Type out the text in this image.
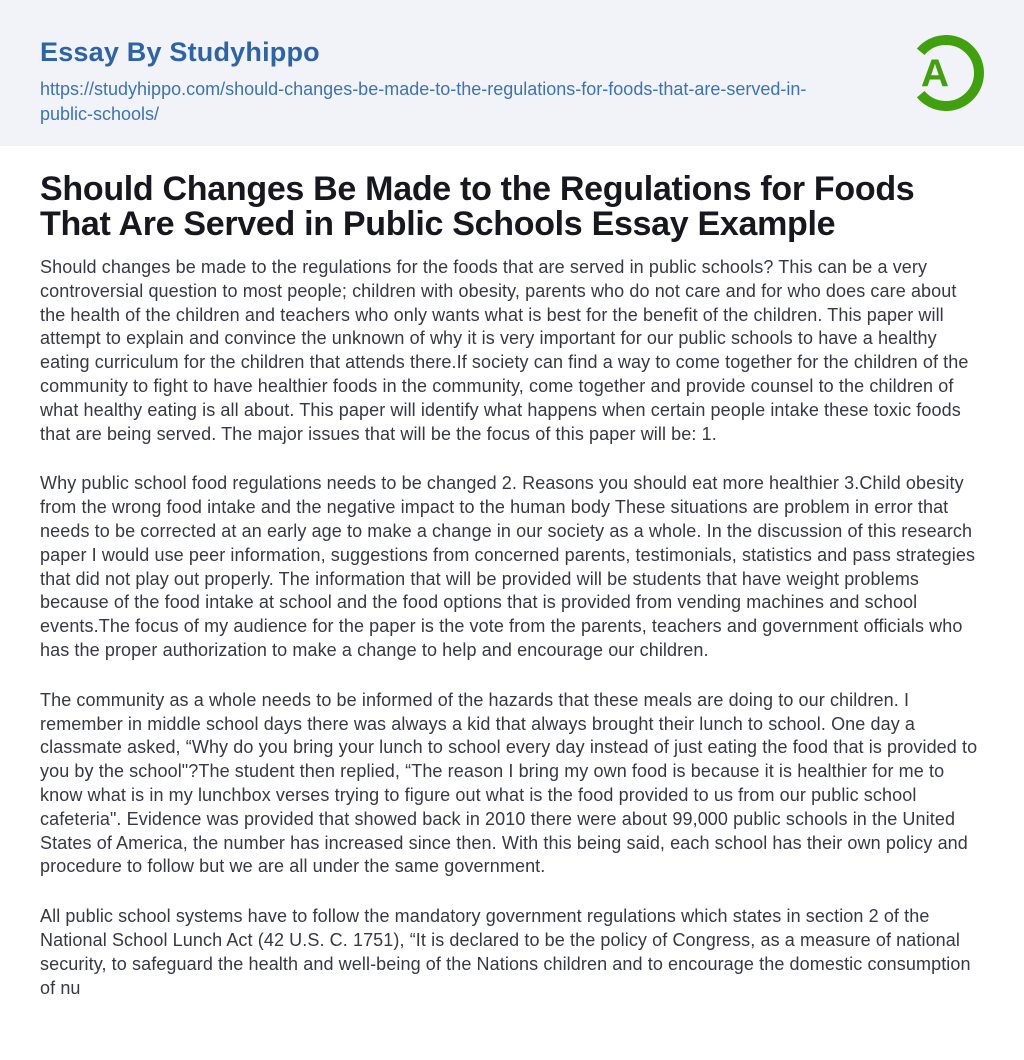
Essay By Studyhippo
https://studyhippo.com/should-changes-be-made-to-the-regulations-for-foods-that-are-served-in-public-schools/
A
Should Changes Be Made to the Regulations for Foods That Are Served in Public Schools Essay Example

Should changes be made to the regulations for the foods that are served in public schools? This can be a very controversial question to most people; children with obesity, parents who do not care and for who does care about the health of the children and teachers who only wants what is best for the benefit of the children. This paper will attempt to explain and convince the unknown of why it is very important for our public schools to have a healthy eating curriculum for the children that attends there.If society can find a way to come together for the children of the community to fight to have healthier foods in the community, come together and provide counsel to the children of what healthy eating is all about. This paper will identify what happens when certain people intake these toxic foods that are being served. The major issues that will be the focus of this paper will be: 1.

Why public school food regulations needs to be changed 2. Reasons you should eat more healthier 3.Child obesity from the wrong food intake and the negative impact to the human body These situations are problem in error that needs to be corrected at an early age to make a change in our society as a whole. In the discussion of this research paper I would use peer information, suggestions from concerned parents, testimonials, statistics and pass strategies that did not play out properly. The information that will be provided will be students that have weight problems because of the food intake at school and the food options that is provided from vending machines and school events.The focus of my audience for the paper is the vote from the parents, teachers and government officials who has the proper authorization to make a change to help and encourage our children.

The community as a whole needs to be informed of the hazards that these meals are doing to our children. I remember in middle school days there was always a kid that always brought their lunch to school. One day a classmate asked, “Why do you bring your lunch to school every day instead of just eating the food that is provided to you by the school"?The student then replied, “The reason I bring my own food is because it is healthier for me to know what is in my lunchbox verses trying to figure out what is the food provided to us from our public school cafeteria". Evidence was provided that showed back in 2010 there were about 99,000 public schools in the United States of America, the number has increased since then. With this being said, each school has their own policy and procedure to follow but we are all under the same government.

All public school systems have to follow the mandatory government regulations which states in section 2 of the National School Lunch Act (42 U.S. C. 1751), “It is declared to be the policy of Congress, as a measure of national security, to safeguard the health and well-being of the Nations children and to encourage the domestic consumption of nu
